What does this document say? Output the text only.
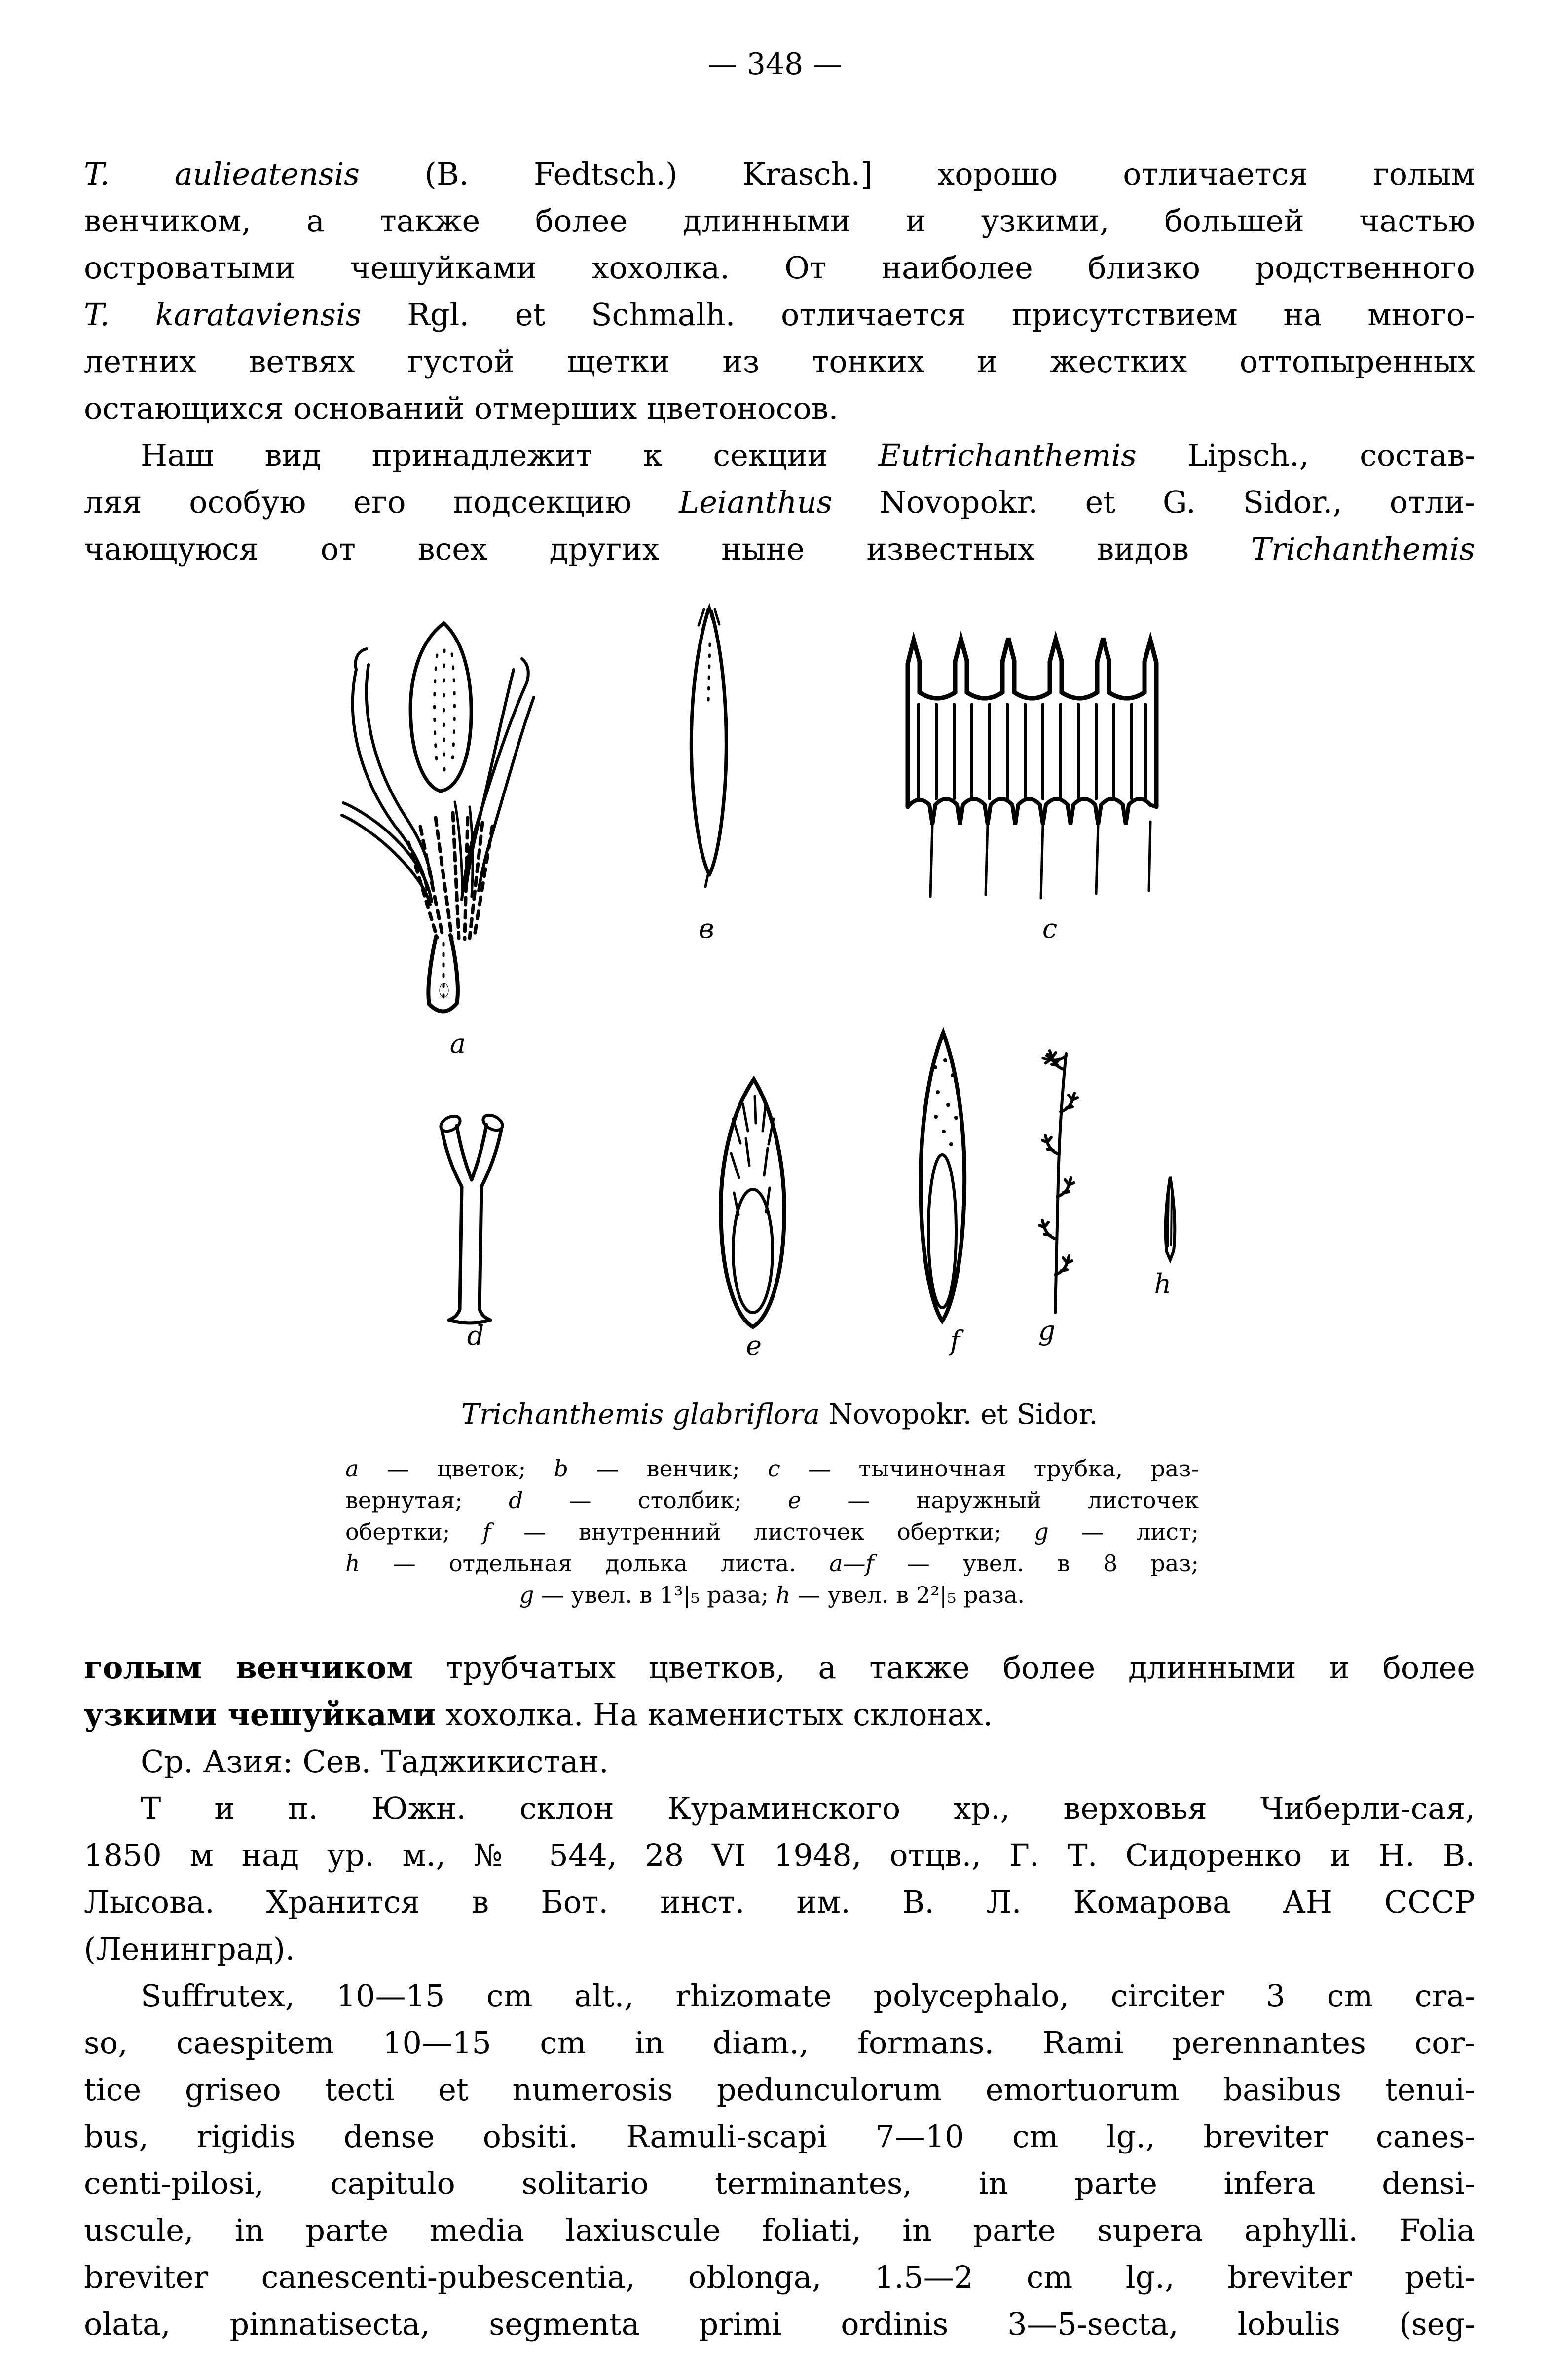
— 348 —
T. aulieatensis (B. Fedtsch.) Krasch.] хорошо отличается голым
венчиком, а также более длинными и узкими, большей частью
островатыми чешуйками хохолка. От наиболее близко родственного
T. karataviensis Rgl. et Schmalh. отличается присутствием на много-
летних ветвях густой щетки из тонких и жестких оттопыренных
остающихся оснований отмерших цветоносов.
Наш вид принадлежит к секции Eutrichanthemis Lipsch., состав-
ляя особую его подсекцию Leianthus Novopokr. et G. Sidor., отли-
чающуюся от всех других ныне известных видов Trichanthemis
a
в	c
d	e	f	g
h
Trichanthemis glabriflora Novopokr. et Sidor.
a — цветок; b — венчик; c — тычиночная трубка, раз-
вернутая; d — столбик; e — наружный листочек
обертки; f — внутренний листочек обертки; g — лист;
h — отдельная долька листа. a—f — увел. в 8 раз;
g — увел. в 1³|₅ раза; h — увел. в 2²|₅ раза.
голым венчиком трубчатых цветков, а также более длинными и более
узкими чешуйками хохолка. На каменистых склонах.
Ср. Азия: Сев. Таджикистан.
Т и п. Южн. склон Кураминского хр., верховья Чиберли-сая,
1850 м над ур. м., № 544, 28 VI 1948, отцв., Г. Т. Сидоренко и Н. В.
Лысова. Хранится в Бот. инст. им. В. Л. Комарова АН СССР
(Ленинград).
Suffrutex, 10—15 cm alt., rhizomate polycephalo, circiter 3 cm cra-
so, caespitem 10—15 cm in diam., formans. Rami perennantes cor-
tice griseo tecti et numerosis pedunculorum emortuorum basibus tenui-
bus, rigidis dense obsiti. Ramuli-scapi 7—10 cm lg., breviter canes-
centi-pilosi, capitulo solitario terminantes, in parte infera densi-
uscule, in parte media laxiuscule foliati, in parte supera aphylli. Folia
breviter canescenti-pubescentia, oblonga, 1.5—2 cm lg., breviter peti-
olata, pinnatisecta, segmenta primi ordinis 3—5-secta, lobulis (seg-
